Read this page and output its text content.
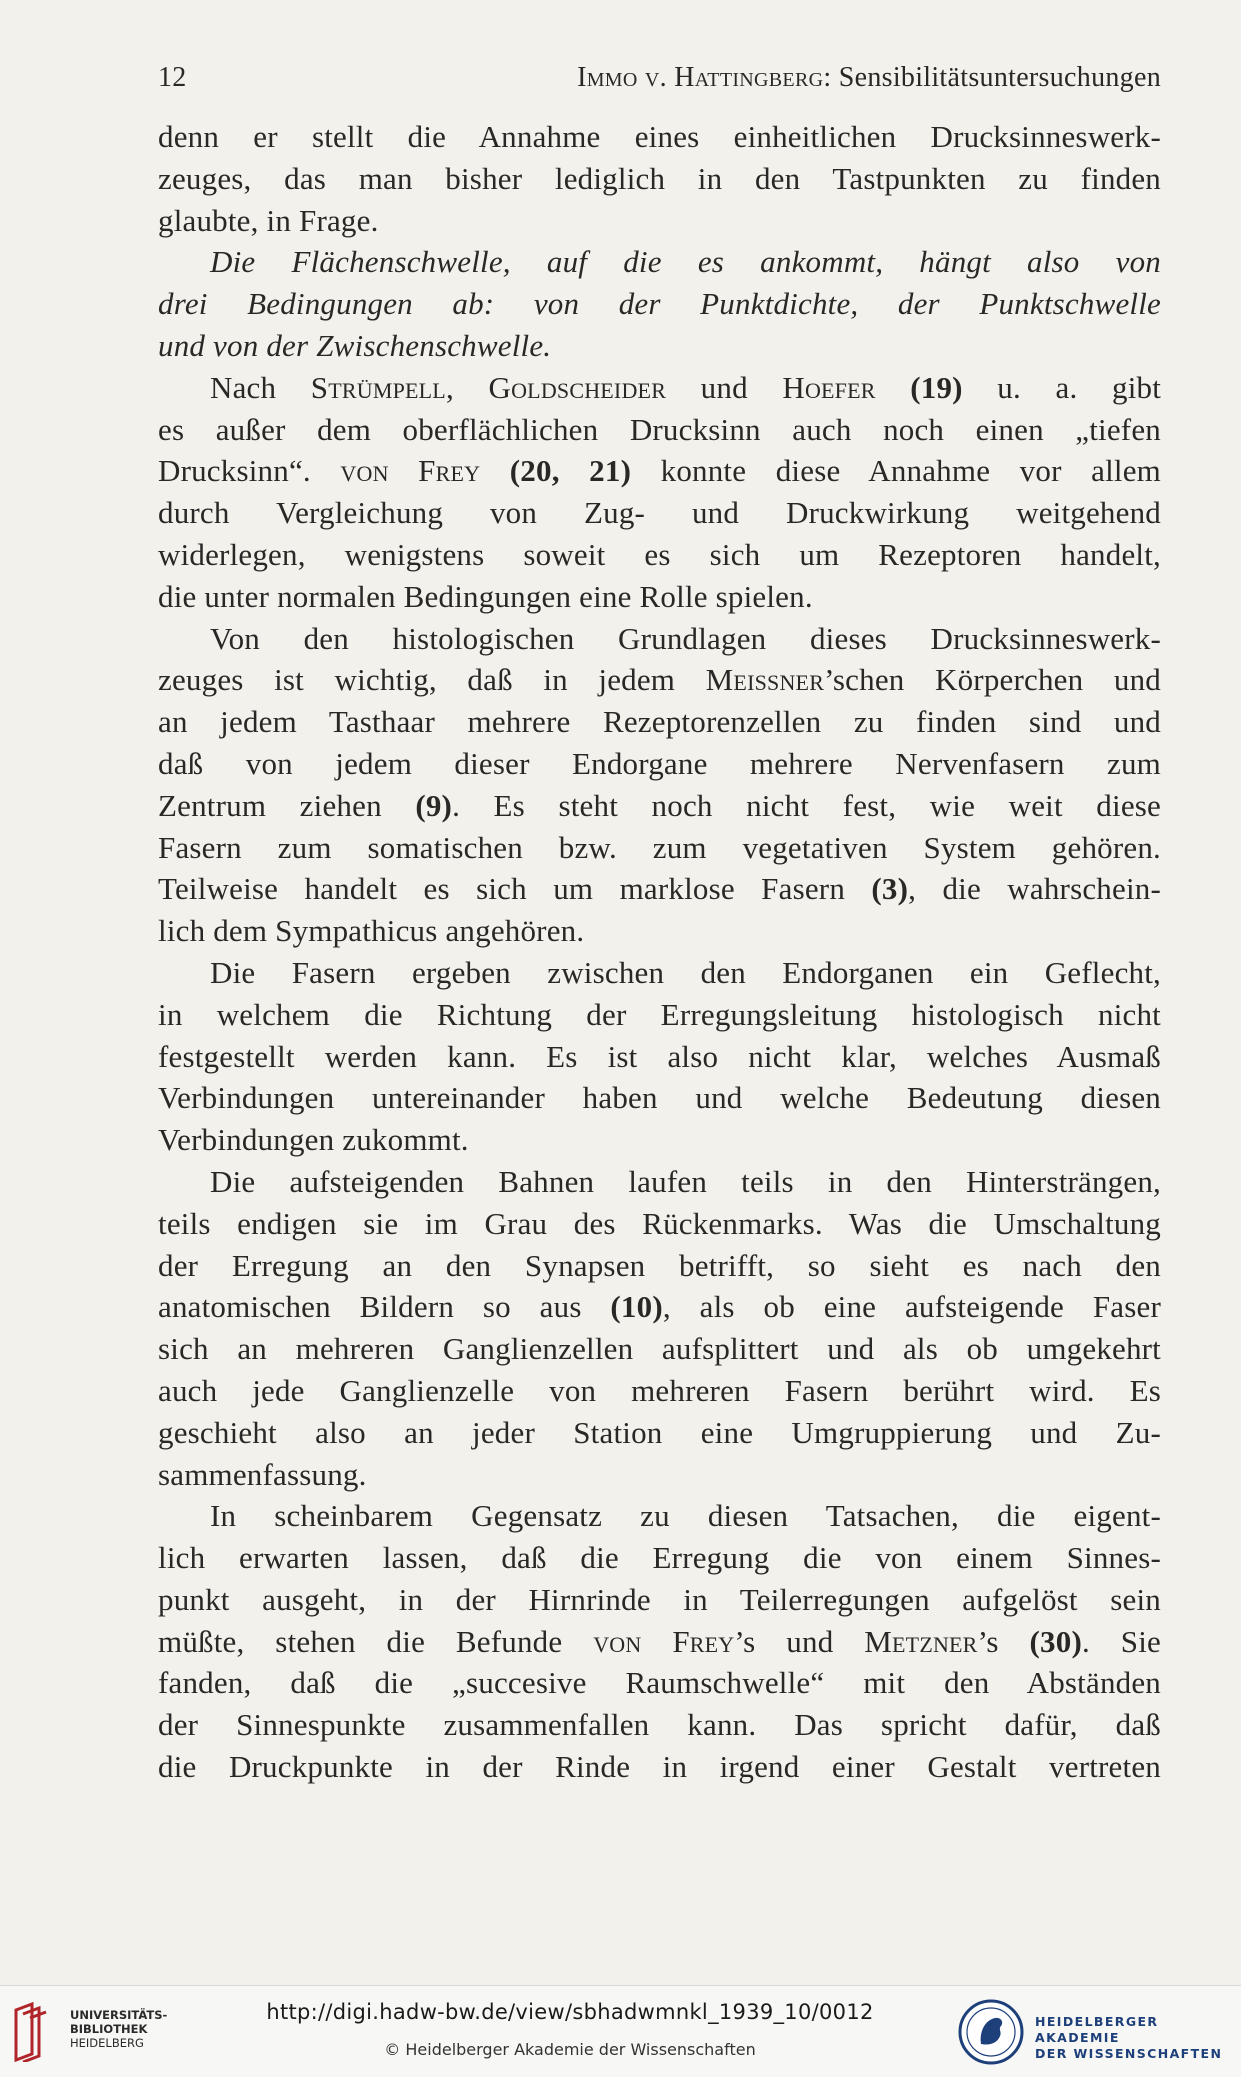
12	Immo v. Hattingberg: Sensibilitätsuntersuchungen
denn er stellt die Annahme eines einheitlichen Drucksinneswerk-
zeuges, das man bisher lediglich in den Tastpunkten zu finden
glaubte, in Frage.
Die Flächenschwelle, auf die es ankommt, hängt also von
drei Bedingungen ab: von der Punktdichte, der Punktschwelle
und von der Zwischenschwelle.
Nach Strümpell, Goldscheider und Hoefer (19) u. a. gibt
es außer dem oberflächlichen Drucksinn auch noch einen „tiefen
Drucksinn“. von Frey (20, 21) konnte diese Annahme vor allem
durch Vergleichung von Zug- und Druckwirkung weitgehend
widerlegen, wenigstens soweit es sich um Rezeptoren handelt,
die unter normalen Bedingungen eine Rolle spielen.
Von den histologischen Grundlagen dieses Drucksinneswerk-
zeuges ist wichtig, daß in jedem Meissner’schen Körperchen und
an jedem Tasthaar mehrere Rezeptorenzellen zu finden sind und
daß von jedem dieser Endorgane mehrere Nervenfasern zum
Zentrum ziehen (9). Es steht noch nicht fest, wie weit diese
Fasern zum somatischen bzw. zum vegetativen System gehören.
Teilweise handelt es sich um marklose Fasern (3), die wahrschein-
lich dem Sympathicus angehören.
Die Fasern ergeben zwischen den Endorganen ein Geflecht,
in welchem die Richtung der Erregungsleitung histologisch nicht
festgestellt werden kann. Es ist also nicht klar, welches Ausmaß
Verbindungen untereinander haben und welche Bedeutung diesen
Verbindungen zukommt.
Die aufsteigenden Bahnen laufen teils in den Hintersträngen,
teils endigen sie im Grau des Rückenmarks. Was die Umschaltung
der Erregung an den Synapsen betrifft, so sieht es nach den
anatomischen Bildern so aus (10), als ob eine aufsteigende Faser
sich an mehreren Ganglienzellen aufsplittert und als ob umgekehrt
auch jede Ganglienzelle von mehreren Fasern berührt wird. Es
geschieht also an jeder Station eine Umgruppierung und Zu-
sammenfassung.
In scheinbarem Gegensatz zu diesen Tatsachen, die eigent-
lich erwarten lassen, daß die Erregung die von einem Sinnes-
punkt ausgeht, in der Hirnrinde in Teilerregungen aufgelöst sein
müßte, stehen die Befunde von Frey’s und Metzner’s (30). Sie
fanden, daß die „succesive Raumschwelle“ mit den Abständen
der Sinnespunkte zusammenfallen kann. Das spricht dafür, daß
die Druckpunkte in der Rinde in irgend einer Gestalt vertreten
UNIVERSITÄTS-
BIBLIOTHEK
HEIDELBERG
http://digi.hadw-bw.de/view/sbhadwmnkl_1939_10/0012
© Heidelberger Akademie der Wissenschaften
HEIDELBERGER AKADEMIE
DER WISSENSCHAFTEN
